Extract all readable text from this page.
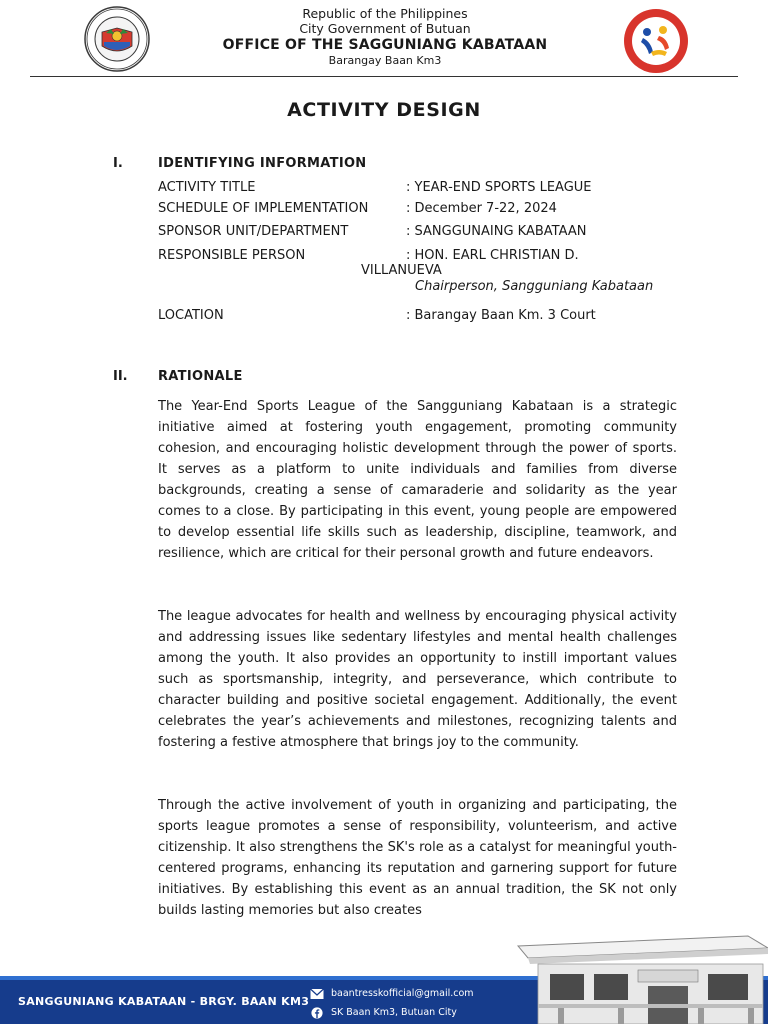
Republic of the Philippines
City Government of Butuan
OFFICE OF THE SAGGUNIANG KABATAAN
Barangay Baan Km3
ACTIVITY DESIGN
I.	IDENTIFYING INFORMATION
ACTIVITY TITLE	: YEAR-END SPORTS LEAGUE
SCHEDULE OF IMPLEMENTATION	: December 7-22, 2024
SPONSOR UNIT/DEPARTMENT	: SANGGUNAING KABATAAN
RESPONSIBLE PERSON	: HON. EARL CHRISTIAN D.
VILLANUEVA
Chairperson, Sangguniang Kabataan
LOCATION	: Barangay Baan Km. 3 Court
II. RATIONALE

The Year-End Sports League of the Sangguniang Kabataan is a strategic initiative aimed at fostering youth engagement, promoting community cohesion, and encouraging holistic development through the power of sports. It serves as a platform to unite individuals and families from diverse backgrounds, creating a sense of camaraderie and solidarity as the year comes to a close. By participating in this event, young people are empowered to develop essential life skills such as leadership, discipline, teamwork, and resilience, which are critical for their personal growth and future endeavors.

The league advocates for health and wellness by encouraging physical activity and addressing issues like sedentary lifestyles and mental health challenges among the youth. It also provides an opportunity to instill important values such as sportsmanship, integrity, and perseverance, which contribute to character building and positive societal engagement. Additionally, the event celebrates the year’s achievements and milestones, recognizing talents and fostering a festive atmosphere that brings joy to the community.

Through the active involvement of youth in organizing and participating, the sports league promotes a sense of responsibility, volunteerism, and active citizenship. It also strengthens the SK's role as a catalyst for meaningful youth-centered programs, enhancing its reputation and garnering support for future initiatives. By establishing this event as an annual tradition, the SK not only builds lasting memories but also creates

SANGGUNIANG KABATAAN - BRGY. BAAN KM3
baantresskofficial@gmail.com
SK Baan Km3, Butuan City
